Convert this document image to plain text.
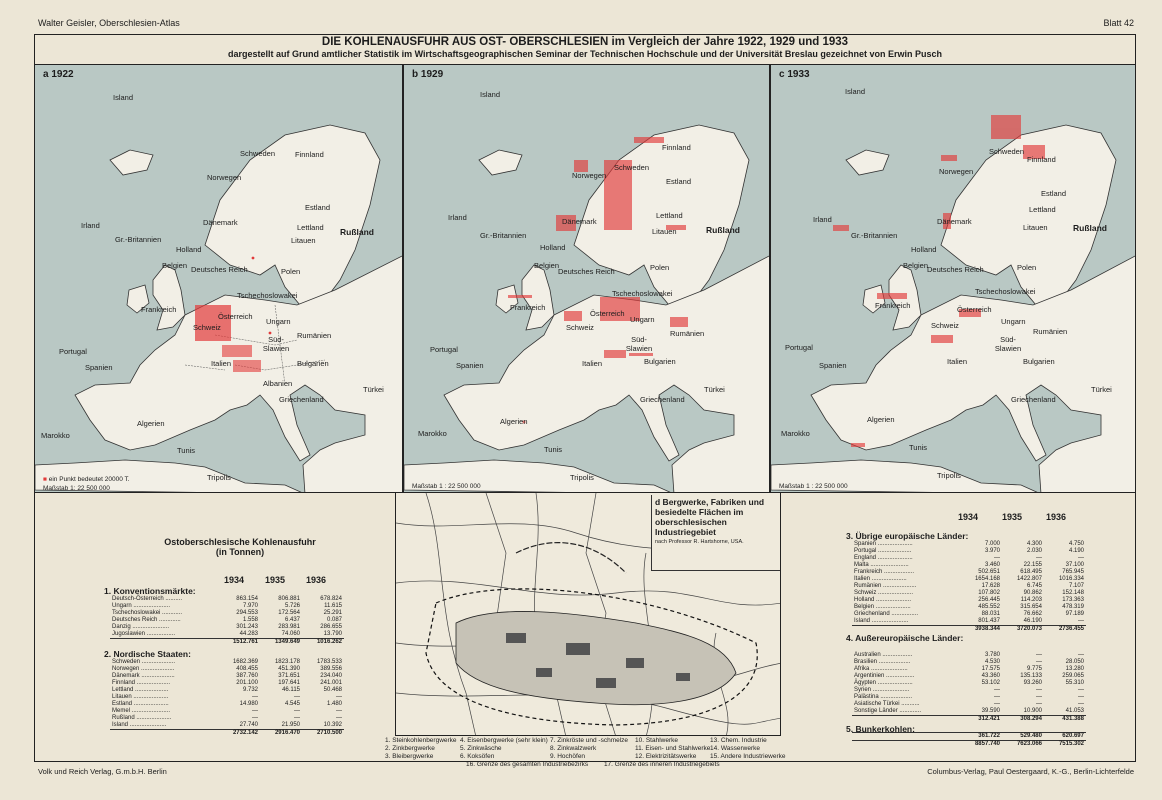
Walter Geisler, Oberschlesien-Atlas	Blatt 42
DIE KOHLENAUSFUHR AUS OST- OBERSCHLESIEN im Vergleich der Jahre 1922, 1929 und 1933
dargestellt auf Grund amtlicher Statistik im Wirtschaftsgeographischen Seminar der Technischen Hochschule und der Universität Breslau gezeichnet von Erwin Pusch
a 1922
Island
Finnland
Schweden
Norwegen
Dänemark
Estland
Lettland
Litauen
Rußland
Irland
Gr.-Britannien
Holland
Belgien Deutsches Reich	Polen
Tschechoslowakei
Frankreich
Österreich
Schweiz
Ungarn
Rumänien
Italien
Süd-Slawien
Bulgarien
Portugal
Spanien
Griechenland
Türkei
Albanien
Marokko
Algerien
Tunis
Tripolis
■ ein Punkt bedeutet 20000 T.
Maßstab 1: 22 500 000
b 1929
Island
Finnland
Schweden
Norwegen
Dänemark
Estland
Lettland
Litauen	Rußland
Irland
Gr.-Britannien
Holland
Belgien
Deutsches Reich	Polen
Tschechoslowakei
Frankreich
Österreich
Schweiz
Ungarn
Rumänien
Italien
Süd-Slawien
Bulgarien
Portugal
Spanien
Griechenland
Türkei
Marokko
Algerien
Tunis
Tripolis
Maßstab 1 : 22 500 000
c 1933
Island
Finnland
Schweden
Norwegen
Dänemark
Estland
Lettland
Litauen	Rußland
Irland
Gr.-Britannien
Holland
Belgien
Deutsches Reich	Polen
Tschechoslowakei
Frankreich	Österreich
Schweiz	Ungarn
Rumänien
Italien
Süd-Slawien
Bulgarien
Portugal
Spanien
Griechenland
Türkei
Marokko
Algerien
Tunis
Tripolis
Maßstab 1 : 22 500 000
Ostoberschlesische Kohlenausfuhr
(in Tonnen)
1934 1935 1936
1. Konventionsmärkte:
Deutsch-Österreich ..........	863.154	806.881	678.824
Ungarn ......................	7.970	5.726	11.615
Tschechoslowakei ............	294.553	172.564	25.291
Deutsches Reich .............	1.558	6.437	0.087
Danzig ......................	301.243	283.981	286.655
Jugoslawien .................	44.283	74.060	13.790
	1512.761	1349.649	1016.262
2. Nordische Staaten:
Schweden ....................	1682.369	1823.178	1783.533
Norwegen ....................	408.455	451.390	389.556
Dänemark ....................	387.760	371.651	234.040
Finnland ....................	201.100	197.641	241.001
Lettland ....................	9.732	46.115	50.468
Litauen .....................	—	—	—
Estland .....................	14.980	4.545	1.480
Memel .......................	—	—	—
Rußland .....................	—	—	—
Island ......................	27.740	21.950	10.392
	2732.142	2916.470	2710.500
d Bergwerke, Fabriken und besiedelte Flächen im oberschlesischen Industriegebiet
nach Professor R. Hartshorne, USA.
1. Steinkohlenbergwerke
2. Zinkbergwerke
3. Bleibergwerke
4. Eisenbergwerke (sehr klein)
5. Zinkwäsche
6. Koksöfen
7. Zinkröste und -schmelze
8. Zinkwalzwerk
9. Hochöfen
10. Stahlwerke
11. Eisen- und Stahlwerke
12. Elektrizitätswerke
13. Chem. Industrie
14. Wasserwerke
15. Andere Industriewerke
16. Grenze des gesamten Industriebezirks 17. Grenze des inneren Industriegebiets
1934	1935	1936
3. Übrige europäische Länder:
Spanien .....................	7.000	4.300	4.750
Portugal ....................	3.970	2.030	4.190
England .....................	—	—	—
Malta .......................	3.460	22.155	37.100
Frankreich ..................	502.651	618.495	765.945
Italien .....................	1654.168	1422.807	1016.334
Rumänien ....................	17.628	6.745	7.107
Schweiz .....................	107.802	90.862	152.148
Holland .....................	256.445	114.203	173.363
Belgien .....................	485.552	315.654	478.319
Griechenland ................	88.031	76.662	97.189
Island ......................	801.437	46.190	—
	3938.344	3720.073	2736.455
4. Außereuropäische Länder:
Australien ..................	3.780	—	—
Brasilien ...................	4.530	—	28.050
Afrika ......................	17.575	9.775	13.280
Argentinien .................	43.360	135.133	259.065
Ägypten .....................	53.102	93.260	55.310
Syrien ......................	—	—	—
Palästina ...................	—	—	—
Asiatische Türkei ...........	—	—	—
Sonstige Länder .............	39.590	10.900	41.053
	312.421	308.294	431.388
5. Bunkerkohlen:
	361.722	529.480	620.697
	8857.740	7623.066	7515.302
Volk und Reich Verlag, G.m.b.H. Berlin	Columbus-Verlag, Paul Oestergaard, K.-G., Berlin-Lichterfelde
